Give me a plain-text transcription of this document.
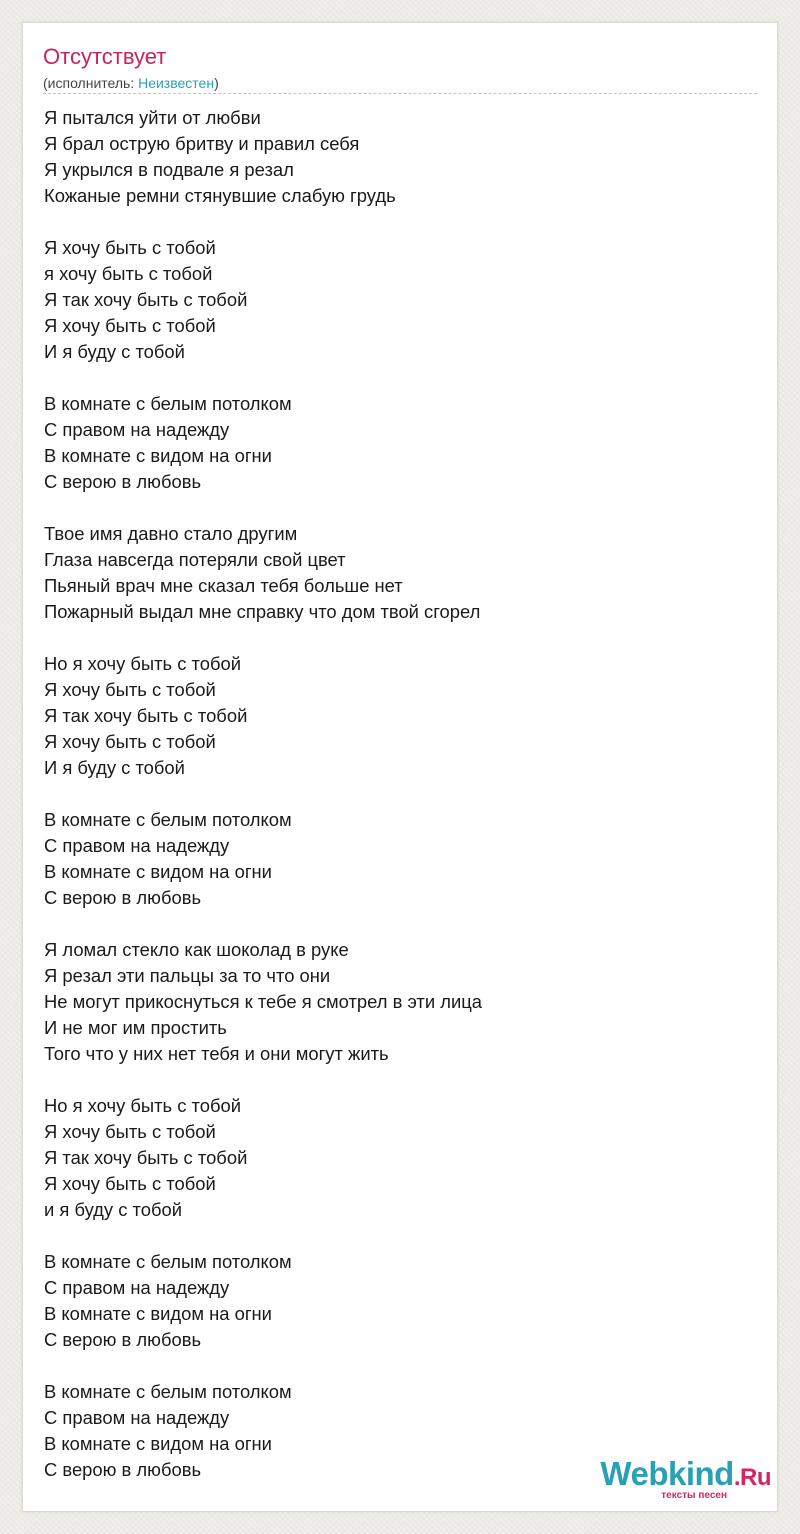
Отсутствует
(исполнитель: Неизвестен)
Я пытался уйти от любви
Я брал острую бритву и правил себя
Я укрылся в подвале я резал
Кожаные ремни стянувшие слабую грудь
Я хочу быть с тобой
я хочу быть с тобой
Я так хочу быть с тобой
Я хочу быть с тобой
И я буду с тобой
В комнате с белым потолком
С правом на надежду
В комнате с видом на огни
С верою в любовь
Твое имя давно стало другим
Глаза навсегда потеряли свой цвет
Пьяный врач мне сказал тебя больше нет
Пожарный выдал мне справку что дом твой сгорел
Но я хочу быть с тобой
Я хочу быть с тобой
Я так хочу быть с тобой
Я хочу быть с тобой
И я буду с тобой
В комнате с белым потолком
С правом на надежду
В комнате с видом на огни
С верою в любовь
Я ломал стекло как шоколад в руке
Я резал эти пальцы за то что они
Не могут прикоснуться к тебе я смотрел в эти лица
И не мог им простить
Того что у них нет тебя и они могут жить
Но я хочу быть с тобой
Я хочу быть с тобой
Я так хочу быть с тобой
Я хочу быть с тобой
и я буду с тобой
В комнате с белым потолком
С правом на надежду
В комнате с видом на огни
С верою в любовь
В комнате с белым потолком
С правом на надежду
В комнате с видом на огни
С верою в любовь	Webkind.Ru
тексты песен
